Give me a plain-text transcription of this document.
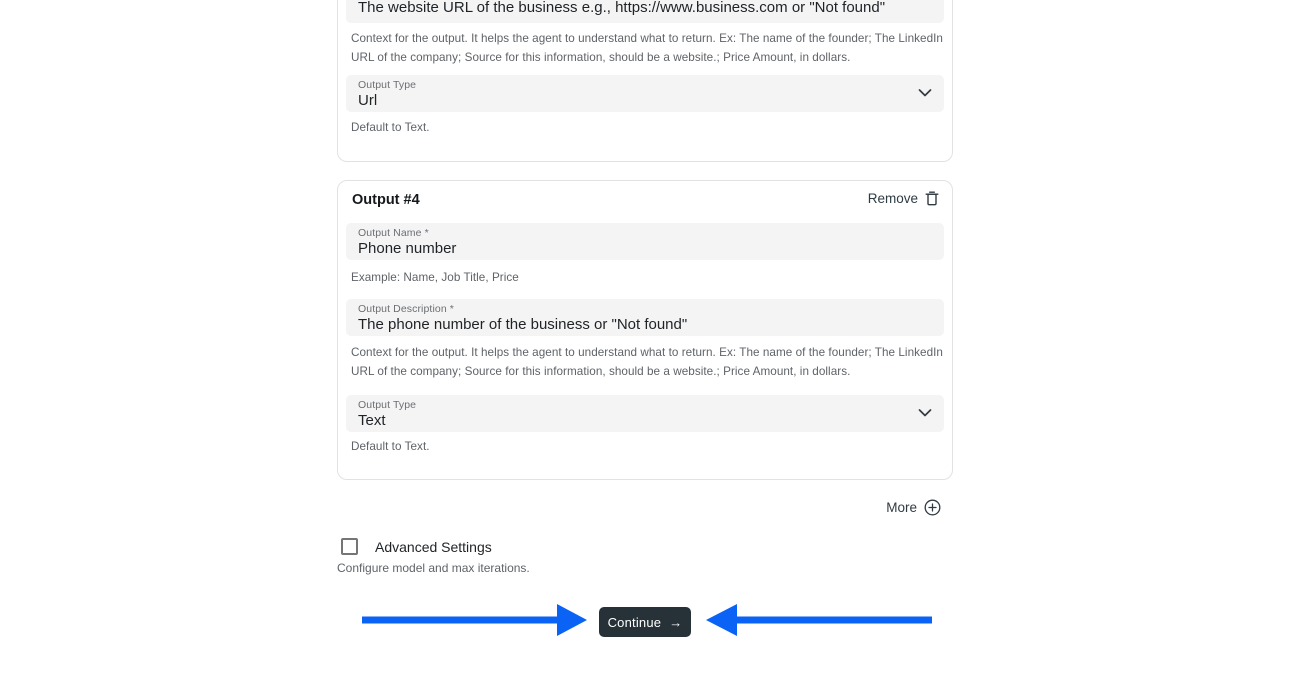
The website URL of the business e.g., https://www.business.com or "Not found"
Context for the output. It helps the agent to understand what to return. Ex: The name of the founder; The LinkedIn URL of the company; Source for this information, should be a website.; Price Amount, in dollars.
Output Type
Url
Default to Text.
Output #4	Remove
Output Name *
Phone number
Example: Name, Job Title, Price
Output Description *
The phone number of the business or "Not found"
Context for the output. It helps the agent to understand what to return. Ex: The name of the founder; The LinkedIn URL of the company; Source for this information, should be a website.; Price Amount, in dollars.
Output Type
Text
Default to Text.
More
Advanced Settings
Configure model and max iterations.
Continue →
